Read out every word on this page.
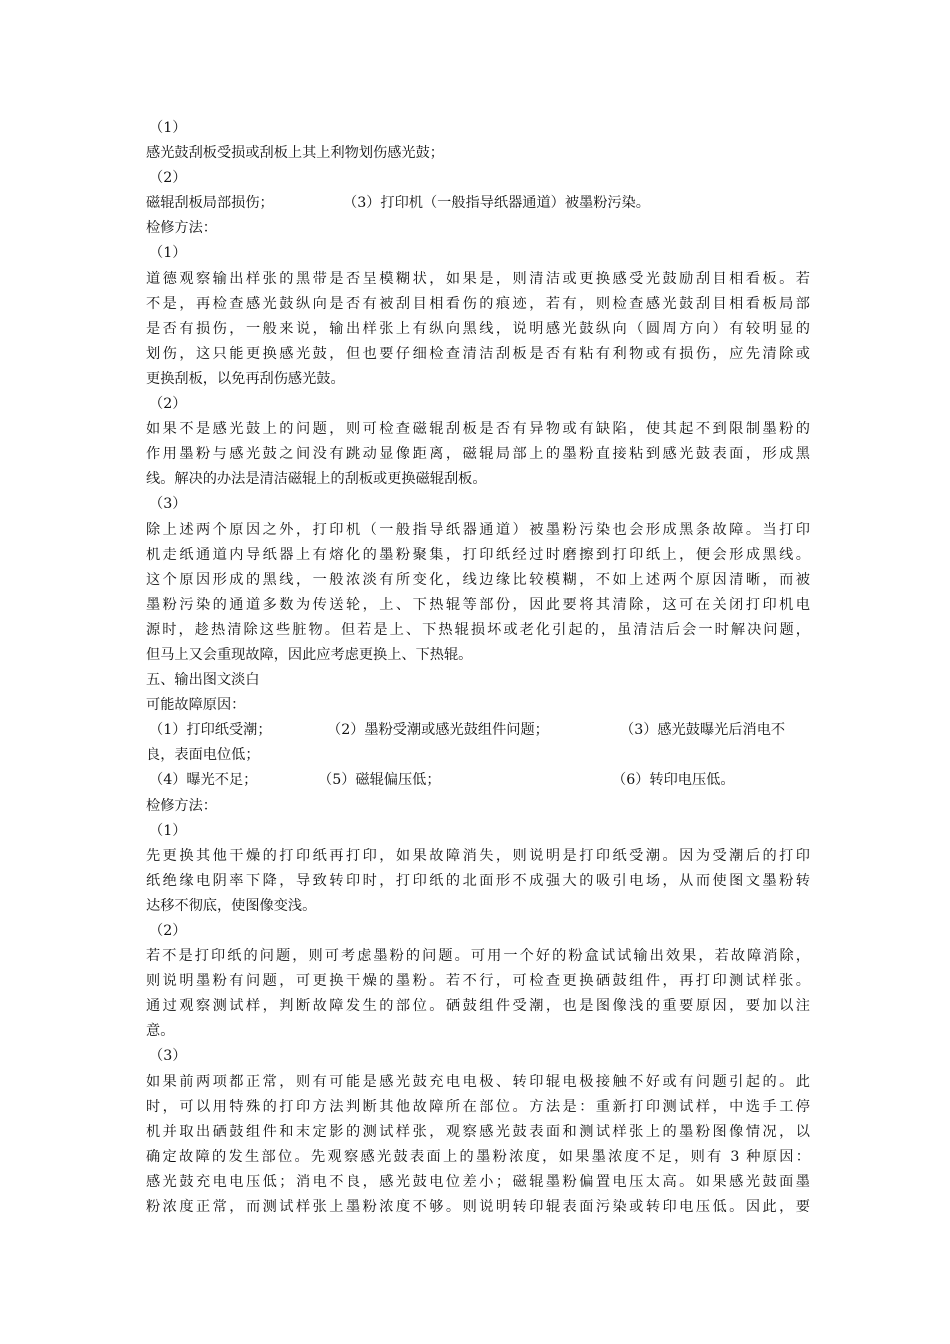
（1）
感光鼓刮板受损或刮板上其上利物划伤感光鼓；
（2）
磁辊刮板局部损伤；	（3）打印机（一般指导纸器通道）被墨粉污染。
检修方法：
（1）
道德观察输出样张的黑带是否呈模糊状，如果是，则清洁或更换感受光鼓励刮目相看板。若
不是，再检查感光鼓纵向是否有被刮目相看伤的痕迹，若有，则检查感光鼓刮目相看板局部
是否有损伤，一般来说，输出样张上有纵向黑线，说明感光鼓纵向（圆周方向）有较明显的
划伤，这只能更换感光鼓，但也要仔细检查清洁刮板是否有粘有利物或有损伤，应先清除或
更换刮板，以免再刮伤感光鼓。
（2）
如果不是感光鼓上的问题，则可检查磁辊刮板是否有异物或有缺陷，使其起不到限制墨粉的
作用墨粉与感光鼓之间没有跳动显像距离，磁辊局部上的墨粉直接粘到感光鼓表面，形成黑
线。解决的办法是清洁磁辊上的刮板或更换磁辊刮板。
（3）
除上述两个原因之外，打印机（一般指导纸器通道）被墨粉污染也会形成黑条故障。当打印
机走纸通道内导纸器上有熔化的墨粉聚集，打印纸经过时磨擦到打印纸上，便会形成黑线。
这个原因形成的黑线，一般浓淡有所变化，线边缘比较模糊，不如上述两个原因清晰，而被
墨粉污染的通道多数为传送轮，上、下热辊等部份，因此要将其清除，这可在关闭打印机电
源时，趁热清除这些脏物。但若是上、下热辊损坏或老化引起的，虽清洁后会一时解决问题，
但马上又会重现故障，因此应考虑更换上、下热辊。
五、输出图文淡白
可能故障原因：
（1）打印纸受潮；	（2）墨粉受潮或感光鼓组件问题；	（3）感光鼓曝光后消电不
良，表面电位低；
（4）曝光不足；	（5）磁辊偏压低；	（6）转印电压低。
检修方法：
（1）
先更换其他干燥的打印纸再打印，如果故障消失，则说明是打印纸受潮。因为受潮后的打印
纸绝缘电阴率下降，导致转印时，打印纸的北面形不成强大的吸引电场，从而使图文墨粉转
达移不彻底，使图像变浅。
（2）
若不是打印纸的问题，则可考虑墨粉的问题。可用一个好的粉盒试试输出效果，若故障消除，
则说明墨粉有问题，可更换干燥的墨粉。若不行，可检查更换硒鼓组件，再打印测试样张。
通过观察测试样，判断故障发生的部位。硒鼓组件受潮，也是图像浅的重要原因，要加以注
意。
（3）
如果前两项都正常，则有可能是感光鼓充电电极、转印辊电极接触不好或有问题引起的。此
时，可以用特殊的打印方法判断其他故障所在部位。方法是：重新打印测试样，中选手工停
机并取出硒鼓组件和末定影的测试样张，观察感光鼓表面和测试样张上的墨粉图像情况，以
确定故障的发生部位。先观察感光鼓表面上的墨粉浓度，如果墨浓度不足，则有 3 种原因：
感光鼓充电电压低；消电不良，感光鼓电位差小；磁辊墨粉偏置电压太高。如果感光鼓面墨
粉浓度正常，而测试样张上墨粉浓度不够。则说明转印辊表面污染或转印电压低。因此，要
